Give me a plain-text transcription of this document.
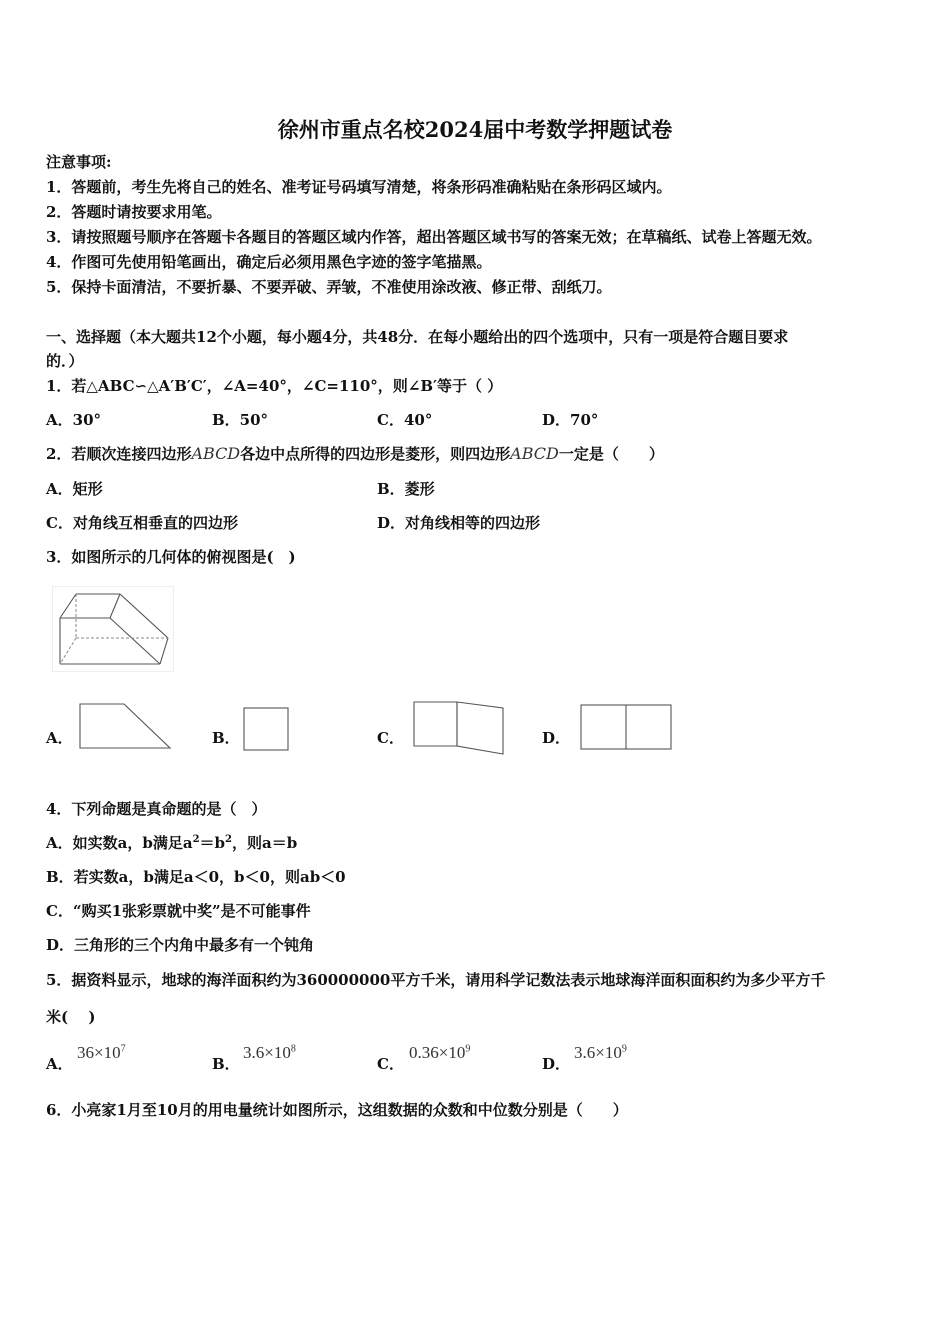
徐州市重点名校2024届中考数学押题试卷
注意事项:
1．答题前，考生先将自己的姓名、准考证号码填写清楚，将条形码准确粘贴在条形码区域内。
2．答题时请按要求用笔。
3．请按照题号顺序在答题卡各题目的答题区域内作答，超出答题区域书写的答案无效；在草稿纸、试卷上答题无效。
4．作图可先使用铅笔画出，确定后必须用黑色字迹的签字笔描黑。
5．保持卡面清洁，不要折暴、不要弄破、弄皱，不准使用涂改液、修正带、刮纸刀。
一、选择题（本大题共12个小题，每小题4分，共48分．在每小题给出的四个选项中，只有一项是符合题目要求
的．）
1．若△ABC∽△A′B′C′，∠A=40°，∠C=110°，则∠B′等于（ ）
A．30°	B．50°	C．40°	D．70°
2．若顺次连接四边形ABCD各边中点所得的四边形是菱形，则四边形ABCD一定是（　　）
A．矩形	B．菱形
C．对角线互相垂直的四边形	D．对角线相等的四边形
3．如图所示的几何体的俯视图是(　)
A．	B．	C．	D．
4．下列命题是真命题的是（　）
A．如实数a，b满足$a^2=b^2$，则a＝b
B．若实数a，b满足a＜0，b＜0，则ab＜0
C．“购买1张彩票就中奖”是不可能事件
D．三角形的三个内角中最多有一个钝角
5．据资料显示，地球的海洋面积约为360000000平方千米，请用科学记数法表示地球海洋面积面积约为多少平方千
米(　 )
A．
$36\times 10^7$
B．
$3.6\times 10^8$
C．
$0.36\times 10^9$
D．
$3.6\times 10^9$
6．小亮家1月至10月的用电量统计如图所示，这组数据的众数和中位数分别是（　　）
